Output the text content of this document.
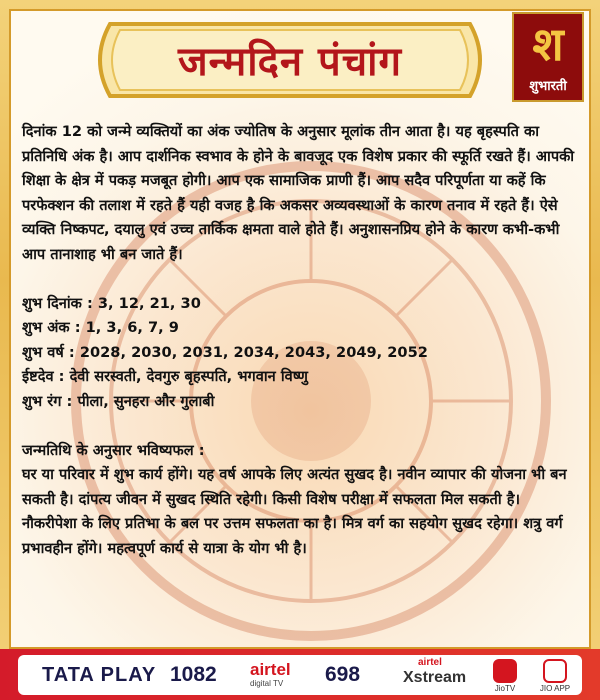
जन्मदिन पंचांग	श
शुभारती
दिनांक 12 को जन्मे व्यक्तियों का अंक ज्योतिष के अनुसार मूलांक तीन आता है। यह बृहस्पति का प्रतिनिधि अंक है। आप दार्शनिक स्वभाव के होने के बावजूद एक विशेष प्रकार की स्फूर्ति रखते हैं। आपकी शिक्षा के क्षेत्र में पकड़ मजबूत होगी। आप एक सामाजिक प्राणी हैं। आप सदैव परिपूर्णता या कहें कि परफेक्शन की तलाश में रहते हैं यही वजह है कि अकसर अव्यवस्थाओं के कारण तनाव में रहते हैं। ऐसे व्यक्ति निष्कपट, दयालु एवं उच्च तार्किक क्षमता वाले होते हैं। अनुशासनप्रिय होने के कारण कभी-कभी आप तानाशाह भी बन जाते हैं।
शुभ दिनांक : 3, 12, 21, 30
शुभ अंक : 1, 3, 6, 7, 9
शुभ वर्ष : 2028, 2030, 2031, 2034, 2043, 2049, 2052
ईष्टदेव : देवी सरस्वती, देवगुरु बृहस्पति, भगवान विष्णु
शुभ रंग : पीला, सुनहरा और गुलाबी
जन्मतिथि के अनुसार भविष्यफल :
घर या परिवार में शुभ कार्य होंगे। यह वर्ष आपके लिए अत्यंत सुखद है। नवीन व्यापार की योजना भी बन सकती है। दांपत्य जीवन में सुखद स्थिति रहेगी। किसी विशेष परीक्षा में सफलता मिल सकती है। नौकरीपेशा के लिए प्रतिभा के बल पर उत्तम सफलता का है। मित्र वर्ग का सहयोग सुखद रहेगा। शत्रु वर्ग प्रभावहीन होंगे। महत्वपूर्ण कार्य से यात्रा के योग भी है।
TATA PLAY 1082 airtel
digital TV 698
airtel
Xstream
JioTV	JIO APP
